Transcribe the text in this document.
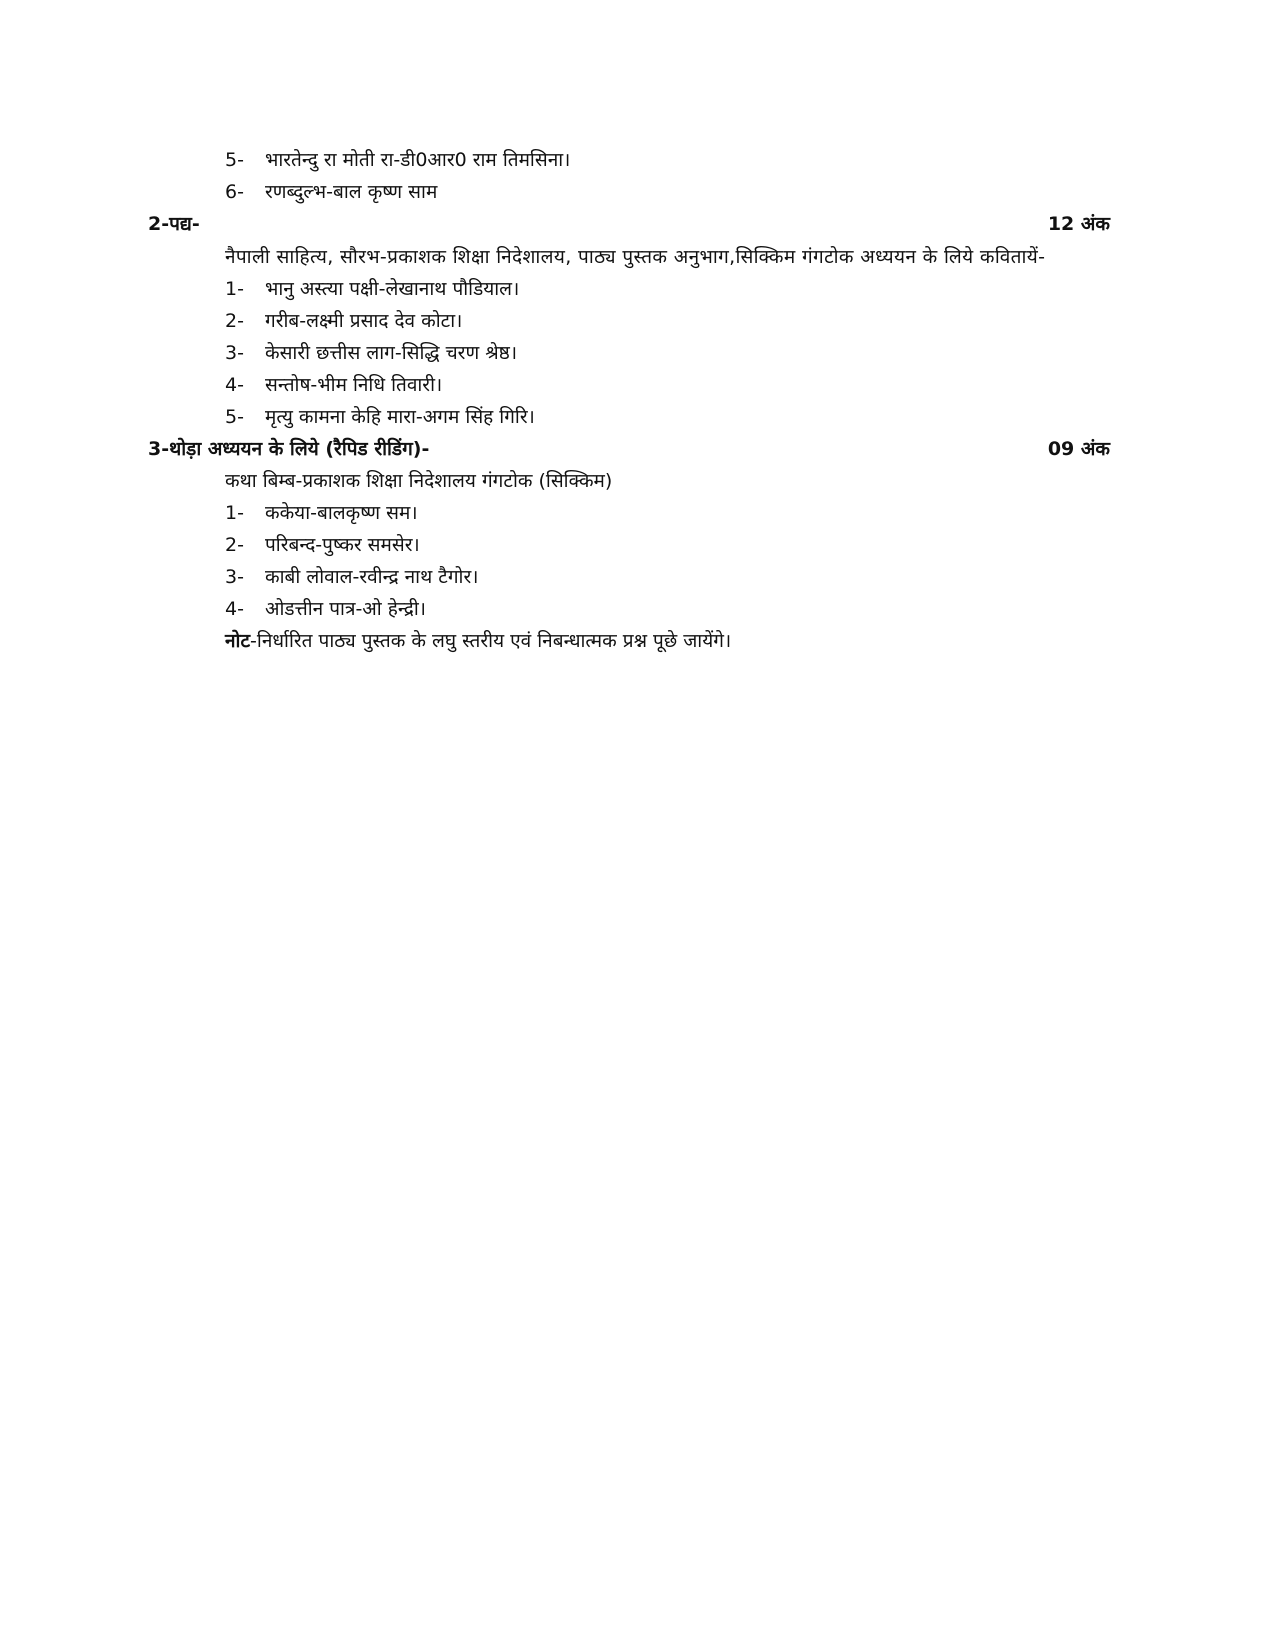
5- भारतेन्दु रा मोती रा-डी0आर0 राम तिमसिना।
6- रणब्दुल्भ-बाल कृष्ण साम
2-पद्य-	12 अंक
नैपाली साहित्य, सौरभ-प्रकाशक शिक्षा निदेशालय, पाठ्य पुस्तक अनुभाग,सिक्किम गंगटोक अध्ययन के लिये कवितायें-
1- भानु अस्त्या पक्षी-लेखानाथ पौडियाल।
2- गरीब-लक्ष्मी प्रसाद देव कोटा।
3- केसारी छत्तीस लाग-सिद्धि चरण श्रेष्ठ।
4- सन्तोष-भीम निधि तिवारी।
5- मृत्यु कामना केहि मारा-अगम सिंह गिरि।
3-थोड़ा अध्ययन के लिये (रैपिड रीडिंग)-	09 अंक
कथा बिम्ब-प्रकाशक शिक्षा निदेशालय गंगटोक (सिक्किम)
1- ककेया-बालकृष्ण सम।
2- परिबन्द-पुष्कर समसेर।
3- काबी लोवाल-रवीन्द्र नाथ टैगोर।
4- ओडत्तीन पात्र-ओ हेन्द्री।
नोट-निर्धारित पाठ्य पुस्तक के लघु स्तरीय एवं निबन्धात्मक प्रश्न पूछे जायेंगे।
